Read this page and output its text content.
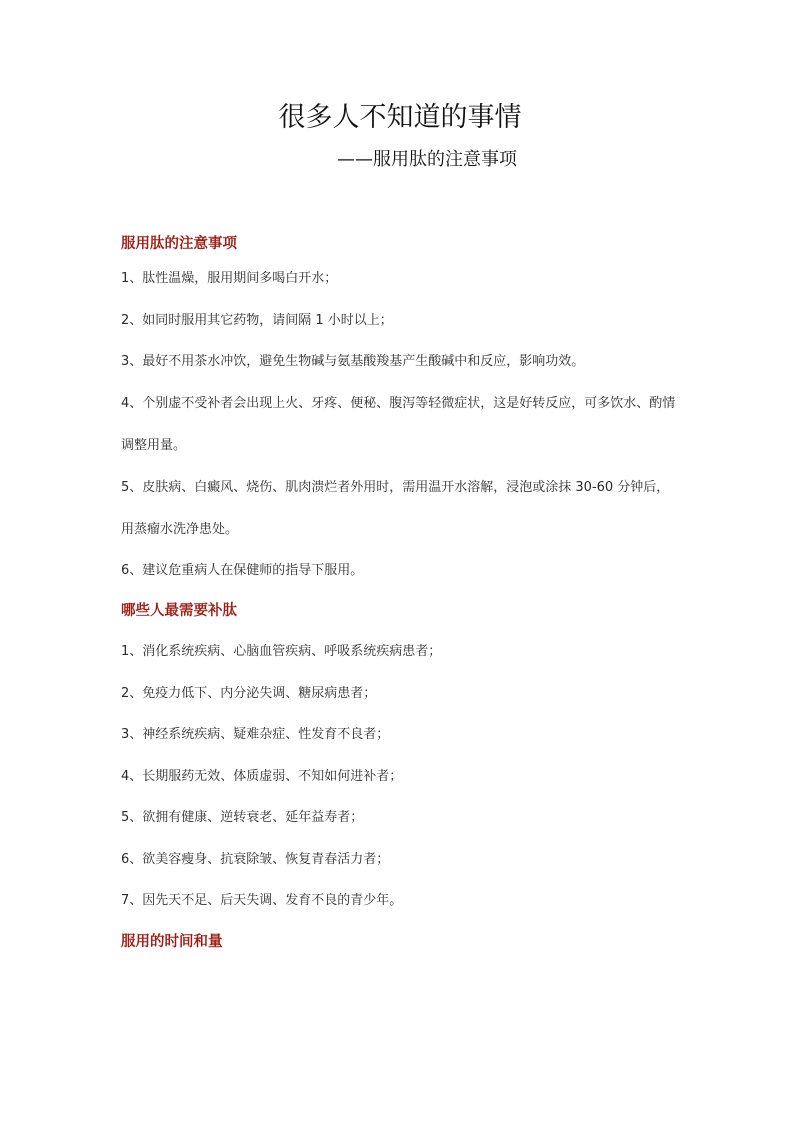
很多人不知道的事情

——服用肽的注意事项

服用肽的注意事项

1、肽性温燥，服用期间多喝白开水；

2、如同时服用其它药物，请间隔 1 小时以上；

3、最好不用茶水冲饮，避免生物碱与氨基酸羧基产生酸碱中和反应，影响功效。

4、个别虚不受补者会出现上火、牙疼、便秘、腹泻等轻微症状，这是好转反应，可多饮水、酌情调整用量。

5、皮肤病、白癜风、烧伤、肌肉溃烂者外用时，需用温开水溶解，浸泡或涂抹 30-60 分钟后，用蒸瘤水洗净患处。

6、建议危重病人在保健师的指导下服用。

哪些人最需要补肽

1、消化系统疾病、心脑血管疾病、呼吸系统疾病患者；

2、免疫力低下、内分泌失调、糖尿病患者；

3、神经系统疾病、疑难杂症、性发育不良者；

4、长期服药无效、体质虚弱、不知如何进补者；

5、欲拥有健康、逆转衰老、延年益寿者；

6、欲美容瘦身、抗衰除皱、恢复青春活力者；

7、因先天不足、后天失调、发育不良的青少年。

服用的时间和量
